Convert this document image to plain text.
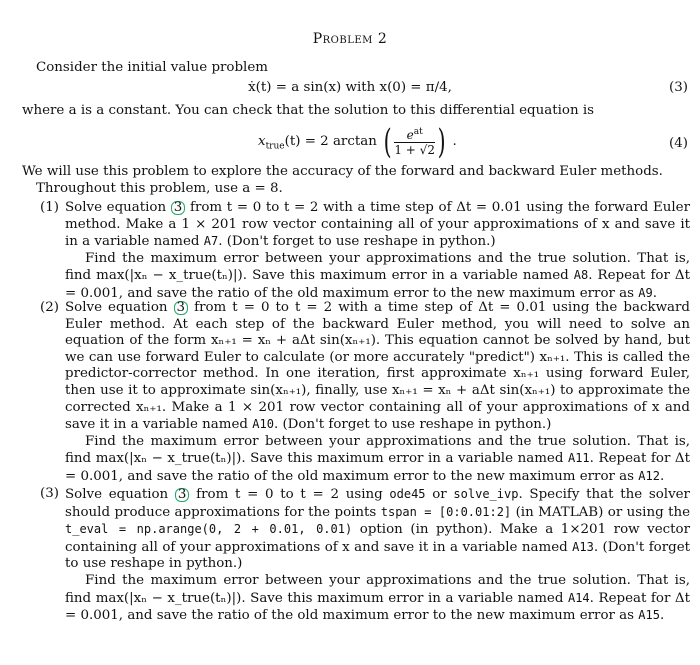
Problem 2

Consider the initial value problem

ẋ(t) = a sin(x) with x(0) = π/4,	(3)

where a is a constant. You can check that the solution to this differential equation is

$x_{true}(t) = 2$ arctan ( $\frac{e^{at}}{1 + √2}$ ) .	(4)

We will use this problem to explore the accuracy of the forward and backward Euler methods.

Throughout this problem, use a = 8.

(1) Solve equation 3 from t = 0 to t = 2 with a time step of Δt = 0.01 using the forward Euler method. Make a 1 × 201 row vector containing all of your approximations of x and save it in a variable named A7. (Don't forget to use reshape in python.)
Find the maximum error between your approximations and the true solution. That is, find max(|xₙ − x_true(tₙ)|). Save this maximum error in a variable named A8. Repeat for Δt = 0.001, and save the ratio of the old maximum error to the new maximum error as A9.
(2) Solve equation 3 from t = 0 to t = 2 with a time step of Δt = 0.01 using the backward Euler method. At each step of the backward Euler method, you will need to solve an equation of the form xₙ₊₁ = xₙ + aΔt sin(xₙ₊₁). This equation cannot be solved by hand, but we can use forward Euler to calculate (or more accurately "predict") xₙ₊₁. This is called the predictor-corrector method. In one iteration, first approximate xₙ₊₁ using forward Euler, then use it to approximate sin(xₙ₊₁), finally, use xₙ₊₁ = xₙ + aΔt sin(xₙ₊₁) to approximate the corrected xₙ₊₁. Make a 1 × 201 row vector containing all of your approximations of x and save it in a variable named A10. (Don't forget to use reshape in python.)
Find the maximum error between your approximations and the true solution. That is, find max(|xₙ − x_true(tₙ)|). Save this maximum error in a variable named A11. Repeat for Δt = 0.001, and save the ratio of the old maximum error to the new maximum error as A12.
(3) Solve equation 3 from t = 0 to t = 2 using ode45 or solve_ivp. Specify that the solver should produce approximations for the points tspan = [0:0.01:2] (in MATLAB) or using the t_eval = np.arange(0, 2 + 0.01, 0.01) option (in python). Make a 1×201 row vector containing all of your approximations of x and save it in a variable named A13. (Don't forget to use reshape in python.)
Find the maximum error between your approximations and the true solution. That is, find max(|xₙ − x_true(tₙ)|). Save this maximum error in a variable named A14. Repeat for Δt = 0.001, and save the ratio of the old maximum error to the new maximum error as A15.
